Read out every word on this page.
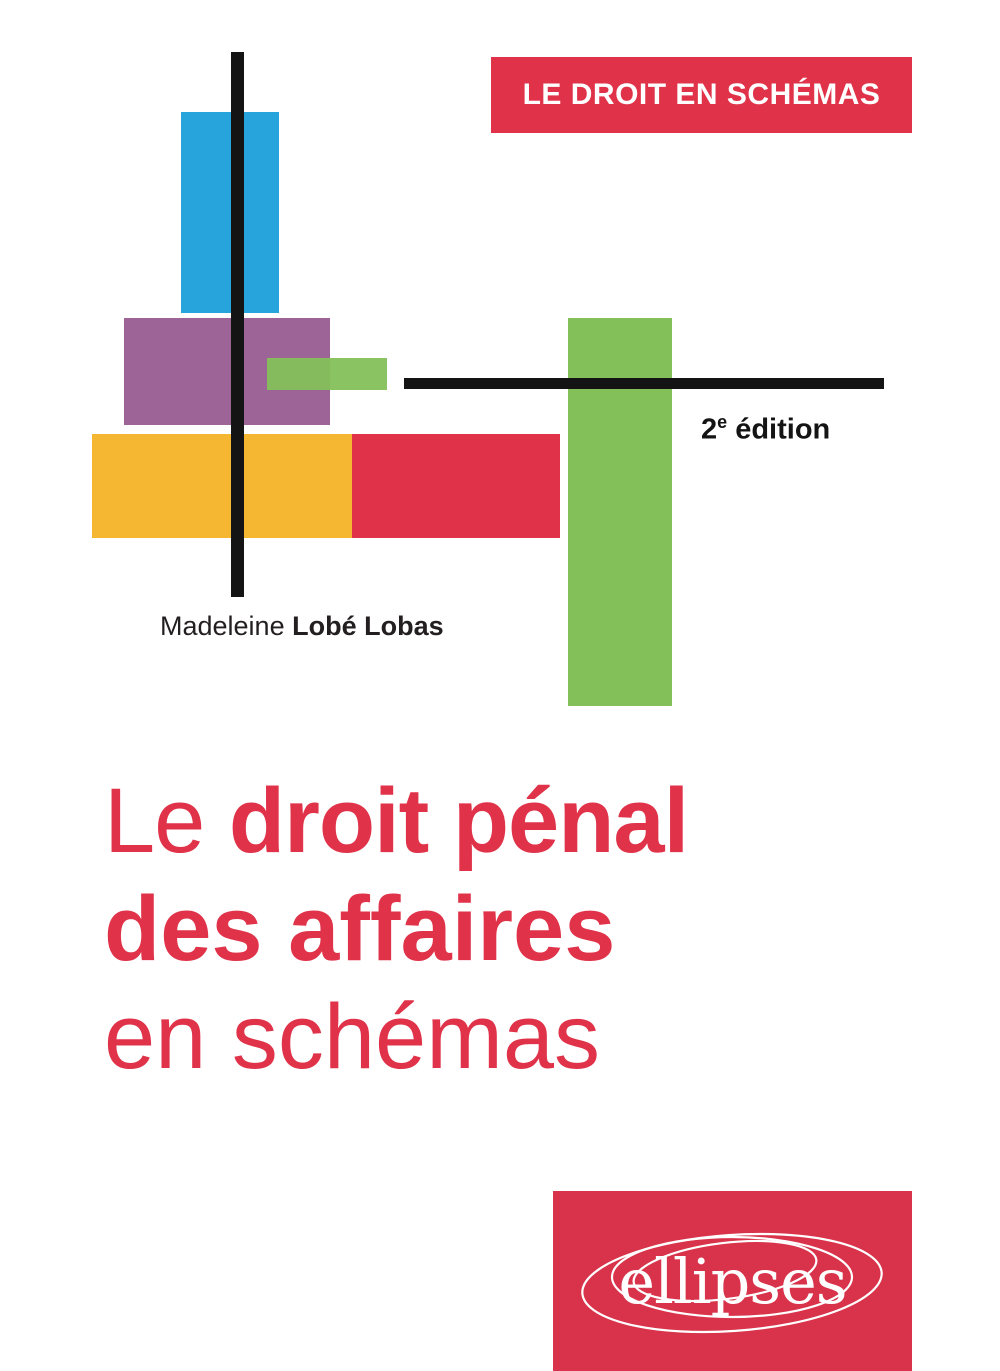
LE DROIT EN SCHÉMAS
2e édition
Madeleine Lobé Lobas
Le droit pénal
des affaires
en schémas
ellipses
